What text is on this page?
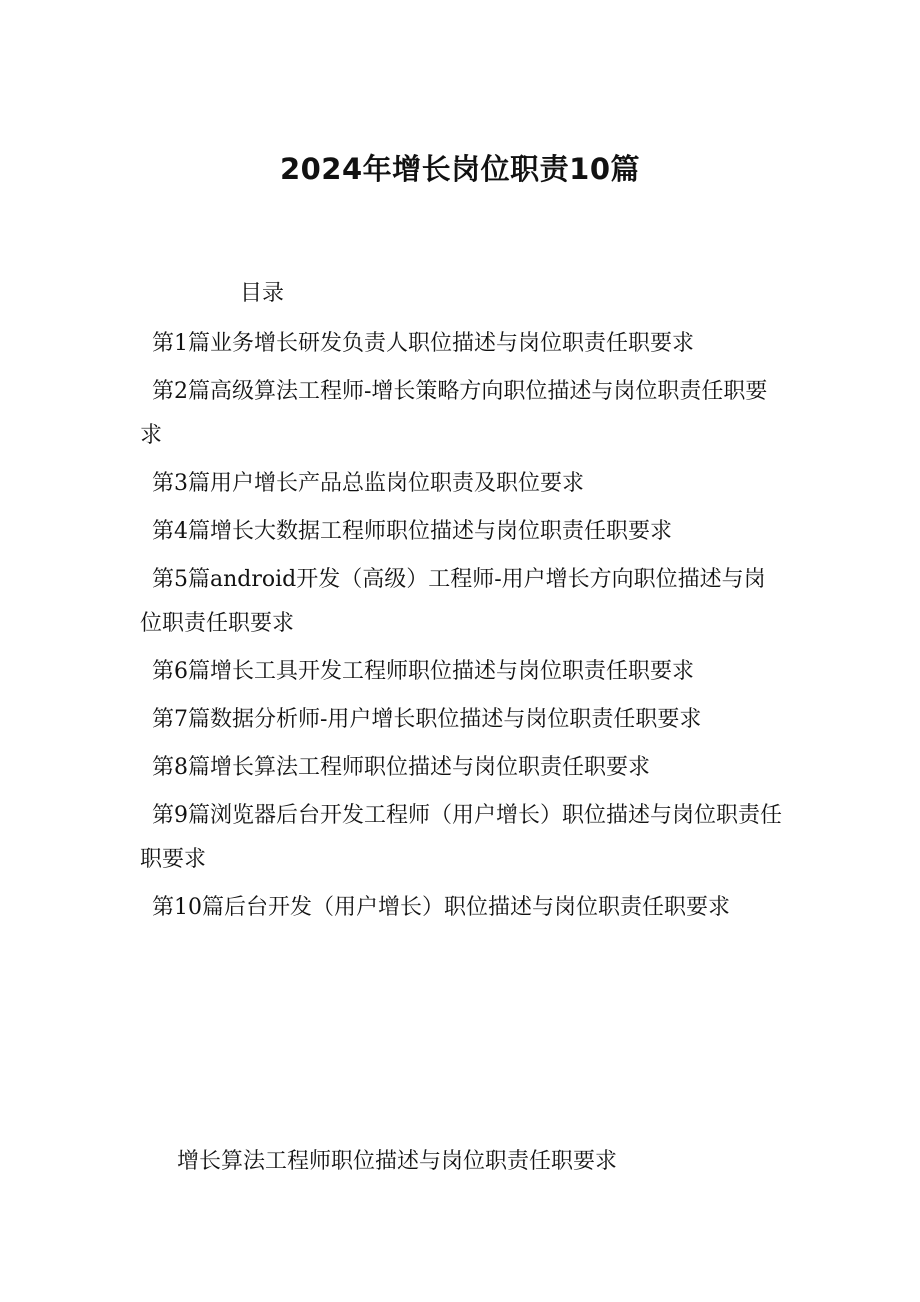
2024年增长岗位职责10篇
目录
第1篇业务增长研发负责人职位描述与岗位职责任职要求
第2篇高级算法工程师-增长策略方向职位描述与岗位职责任职要求
第3篇用户增长产品总监岗位职责及职位要求
第4篇增长大数据工程师职位描述与岗位职责任职要求
第5篇android开发（高级）工程师-用户增长方向职位描述与岗位职责任职要求
第6篇增长工具开发工程师职位描述与岗位职责任职要求
第7篇数据分析师-用户增长职位描述与岗位职责任职要求
第8篇增长算法工程师职位描述与岗位职责任职要求
第9篇浏览器后台开发工程师（用户增长）职位描述与岗位职责任职要求
第10篇后台开发（用户增长）职位描述与岗位职责任职要求
增长算法工程师职位描述与岗位职责任职要求
